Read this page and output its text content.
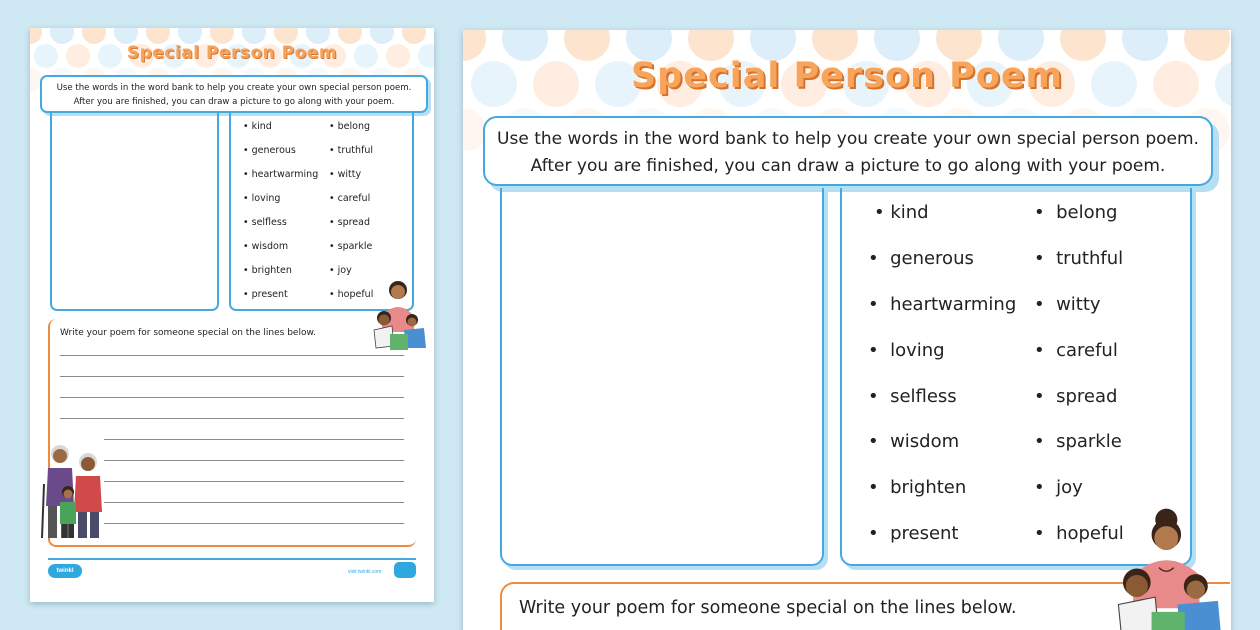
Special Person Poem
Use the words in the word bank to help you create your own special person poem.
After you are finished, you can draw a picture to go along with your poem.
• kind
• generous
• heartwarming
• loving
• selfless
• wisdom
• brighten
• present
• belong
• truthful
• witty
• careful
• spread
• sparkle
• joy
• hopeful
Write your poem for someone special on the lines below.
twinkl	visit twinkl.com
Special Person Poem
Use the words in the word bank to help you create your own special person poem.
After you are finished, you can draw a picture to go along with your poem.
• kind
•  generous
•  heartwarming
•  loving
•  selfless
•  wisdom
•  brighten
•  present
•  belong
•  truthful
•  witty
•  careful
•  spread
•  sparkle
•  joy
•  hopeful
Write your poem for someone special on the lines below.
